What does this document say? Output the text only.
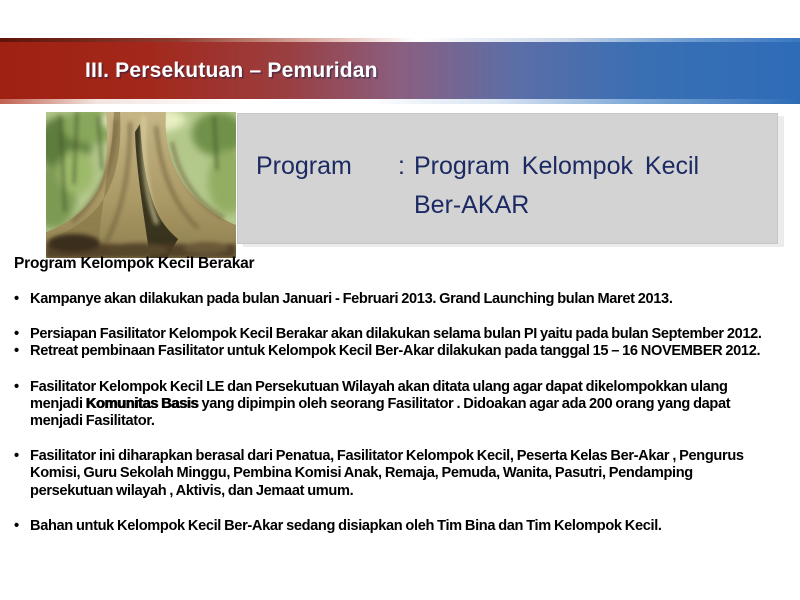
III. Persekutuan – Pemuridan
Program	: Program Kelompok Kecil Ber-AKAR
Program Kelompok Kecil Berakar
• Kampanye akan dilakukan pada bulan Januari - Februari 2013. Grand Launching bulan Maret 2013.
• Persiapan Fasilitator Kelompok Kecil Berakar akan dilakukan selama bulan PI yaitu pada bulan September 2012.
• Retreat pembinaan Fasilitator untuk Kelompok Kecil Ber-Akar dilakukan pada tanggal 15 – 16 NOVEMBER 2012.
• Fasilitator Kelompok Kecil LE dan Persekutuan Wilayah akan ditata ulang agar dapat dikelompokkan ulang menjadi Komunitas Basis yang dipimpin oleh seorang Fasilitator . Didoakan agar ada 200 orang yang dapat menjadi Fasilitator.
• Fasilitator ini diharapkan berasal dari Penatua, Fasilitator Kelompok Kecil, Peserta Kelas Ber-Akar , Pengurus Komisi, Guru Sekolah Minggu, Pembina Komisi Anak, Remaja, Pemuda, Wanita, Pasutri, Pendamping persekutuan wilayah , Aktivis, dan Jemaat umum.
• Bahan untuk Kelompok Kecil Ber-Akar sedang disiapkan oleh Tim Bina dan Tim Kelompok Kecil.
